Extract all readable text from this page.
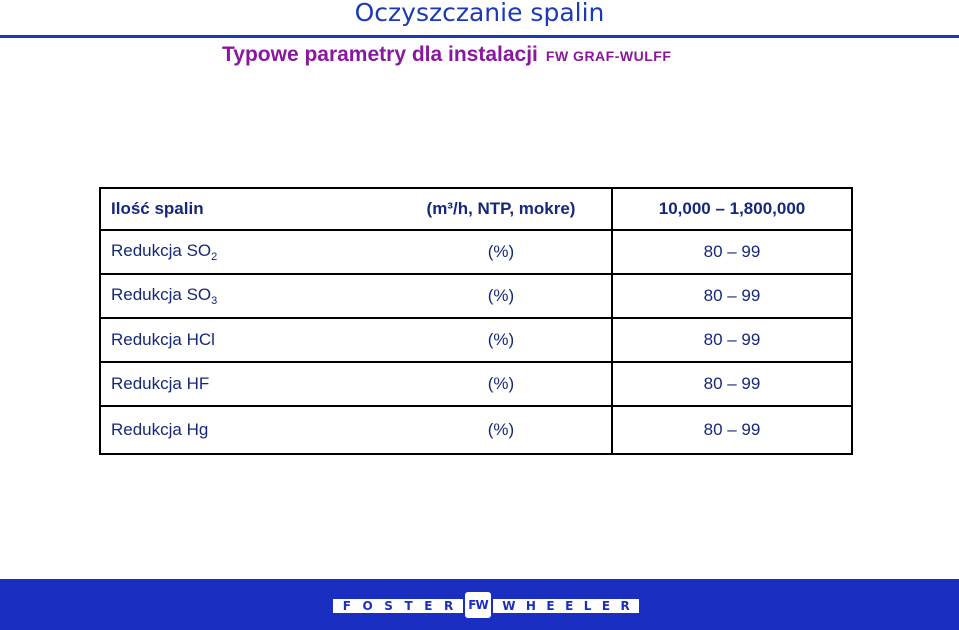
Oczyszczanie spalin
Typowe parametry dla instalacji FW GRAF-WULFF
Ilość spalin	(m³/h, NTP, mokre)	10,000 – 1,800,000
Redukcja $SO_2$	(%)	80 – 99
Redukcja $SO_3$	(%)	80 – 99
Redukcja HCl	(%)	80 – 99
Redukcja HF	(%)	80 – 99
Redukcja Hg	(%)	80 – 99
F O S T E R FW W H E E L E R
